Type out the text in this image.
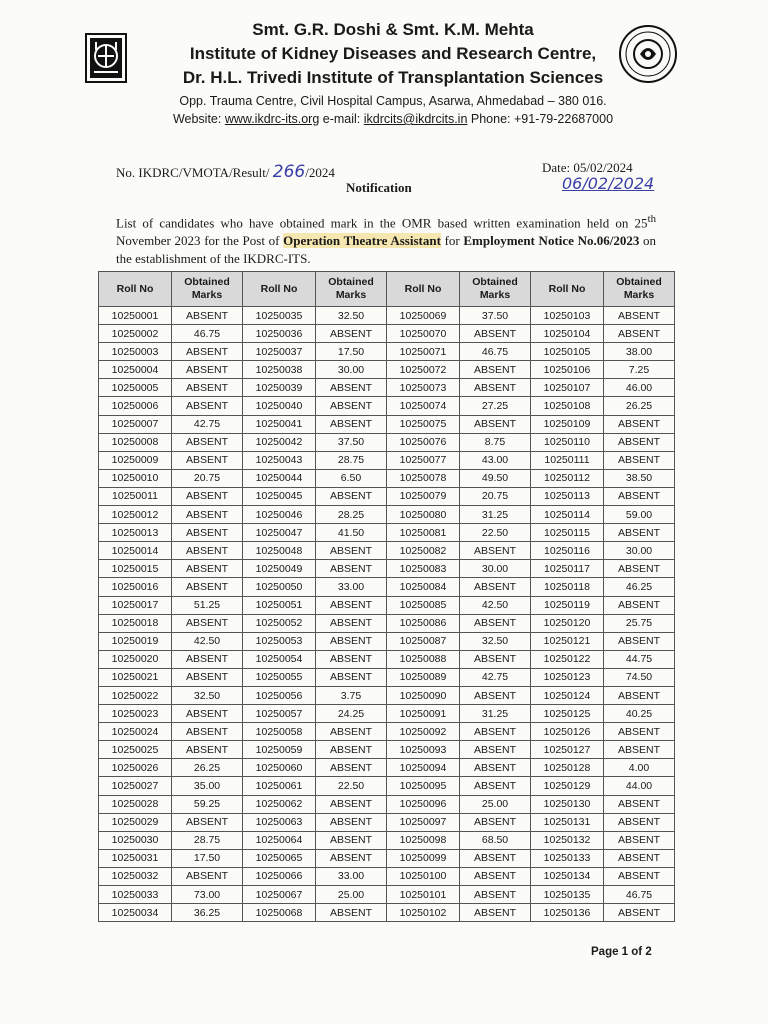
Smt. G.R. Doshi & Smt. K.M. Mehta
Institute of Kidney Diseases and Research Centre,
Dr. H.L. Trivedi Institute of Transplantation Sciences
Opp. Trauma Centre, Civil Hospital Campus, Asarwa, Ahmedabad – 380 016.
Website: www.ikdrc-its.org e-mail: ikdrcits@ikdrcits.in Phone: +91-79-22687000
No. IKDRC/VMOTA/Result/ 266/2024	Date: 05/02/2024
06/02/2024
Notification
List of candidates who have obtained mark in the OMR based written examination held on 25th November 2023 for the Post of Operation Theatre Assistant for Employment Notice No.06/2023 on the establishment of the IKDRC-ITS.
Roll No	Obtained
Marks	Roll No	Obtained
Marks	Roll No	Obtained
Marks	Roll No	Obtained
Marks
10250001	ABSENT	10250035	32.50	10250069	37.50	10250103	ABSENT
10250002	46.75	10250036	ABSENT	10250070	ABSENT	10250104	ABSENT
10250003	ABSENT	10250037	17.50	10250071	46.75	10250105	38.00
10250004	ABSENT	10250038	30.00	10250072	ABSENT	10250106	7.25
10250005	ABSENT	10250039	ABSENT	10250073	ABSENT	10250107	46.00
10250006	ABSENT	10250040	ABSENT	10250074	27.25	10250108	26.25
10250007	42.75	10250041	ABSENT	10250075	ABSENT	10250109	ABSENT
10250008	ABSENT	10250042	37.50	10250076	8.75	10250110	ABSENT
10250009	ABSENT	10250043	28.75	10250077	43.00	10250111	ABSENT
10250010	20.75	10250044	6.50	10250078	49.50	10250112	38.50
10250011	ABSENT	10250045	ABSENT	10250079	20.75	10250113	ABSENT
10250012	ABSENT	10250046	28.25	10250080	31.25	10250114	59.00
10250013	ABSENT	10250047	41.50	10250081	22.50	10250115	ABSENT
10250014	ABSENT	10250048	ABSENT	10250082	ABSENT	10250116	30.00
10250015	ABSENT	10250049	ABSENT	10250083	30.00	10250117	ABSENT
10250016	ABSENT	10250050	33.00	10250084	ABSENT	10250118	46.25
10250017	51.25	10250051	ABSENT	10250085	42.50	10250119	ABSENT
10250018	ABSENT	10250052	ABSENT	10250086	ABSENT	10250120	25.75
10250019	42.50	10250053	ABSENT	10250087	32.50	10250121	ABSENT
10250020	ABSENT	10250054	ABSENT	10250088	ABSENT	10250122	44.75
10250021	ABSENT	10250055	ABSENT	10250089	42.75	10250123	74.50
10250022	32.50	10250056	3.75	10250090	ABSENT	10250124	ABSENT
10250023	ABSENT	10250057	24.25	10250091	31.25	10250125	40.25
10250024	ABSENT	10250058	ABSENT	10250092	ABSENT	10250126	ABSENT
10250025	ABSENT	10250059	ABSENT	10250093	ABSENT	10250127	ABSENT
10250026	26.25	10250060	ABSENT	10250094	ABSENT	10250128	4.00
10250027	35.00	10250061	22.50	10250095	ABSENT	10250129	44.00
10250028	59.25	10250062	ABSENT	10250096	25.00	10250130	ABSENT
10250029	ABSENT	10250063	ABSENT	10250097	ABSENT	10250131	ABSENT
10250030	28.75	10250064	ABSENT	10250098	68.50	10250132	ABSENT
10250031	17.50	10250065	ABSENT	10250099	ABSENT	10250133	ABSENT
10250032	ABSENT	10250066	33.00	10250100	ABSENT	10250134	ABSENT
10250033	73.00	10250067	25.00	10250101	ABSENT	10250135	46.75
10250034	36.25	10250068	ABSENT	10250102	ABSENT	10250136	ABSENT
Page 1 of 2
